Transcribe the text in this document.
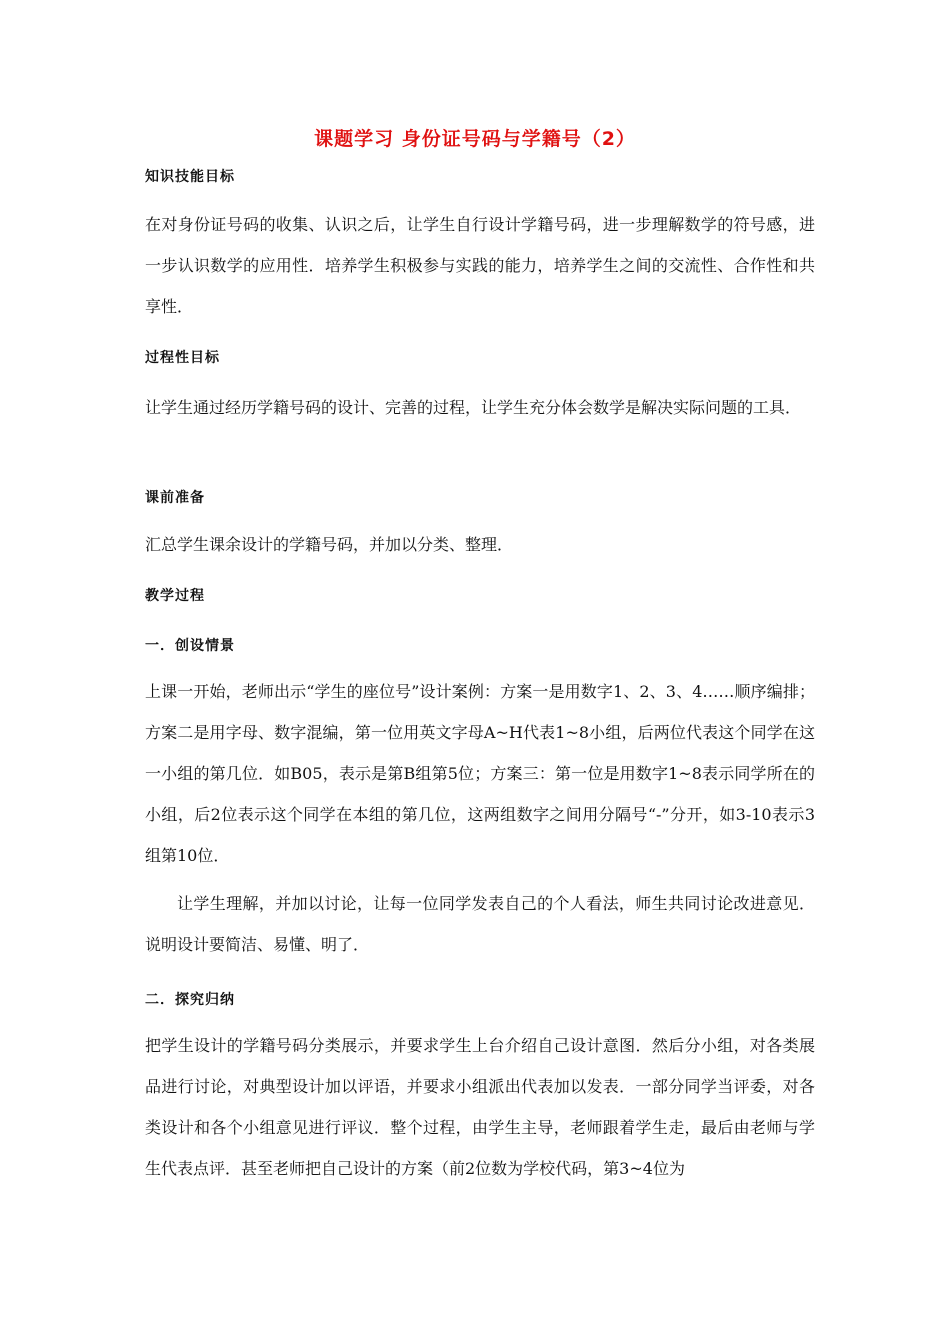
课题学习 身份证号码与学籍号（2）
知识技能目标
在对身份证号码的收集、认识之后，让学生自行设计学籍号码，进一步理解数学的符号感，进一步认识数学的应用性．培养学生积极参与实践的能力，培养学生之间的交流性、合作性和共享性．
过程性目标
让学生通过经历学籍号码的设计、完善的过程，让学生充分体会数学是解决实际问题的工具．
课前准备
汇总学生课余设计的学籍号码，并加以分类、整理．
教学过程
一．创设情景
上课一开始，老师出示“学生的座位号”设计案例：方案一是用数字1、2、3、4……顺序编排；方案二是用字母、数字混编，第一位用英文字母A~H代表1~8小组，后两位代表这个同学在这一小组的第几位．如B05，表示是第B组第5位；方案三：第一位是用数字1~8表示同学所在的小组，后2位表示这个同学在本组的第几位，这两组数字之间用分隔号“-”分开，如3-10表示3组第10位．
让学生理解，并加以讨论，让每一位同学发表自己的个人看法，师生共同讨论改进意见．说明设计要简洁、易懂、明了．
二．探究归纳
把学生设计的学籍号码分类展示，并要求学生上台介绍自己设计意图．然后分小组，对各类展品进行讨论，对典型设计加以评语，并要求小组派出代表加以发表．一部分同学当评委，对各类设计和各个小组意见进行评议．整个过程，由学生主导，老师跟着学生走，最后由老师与学生代表点评．甚至老师把自己设计的方案（前2位数为学校代码，第3~4位为
